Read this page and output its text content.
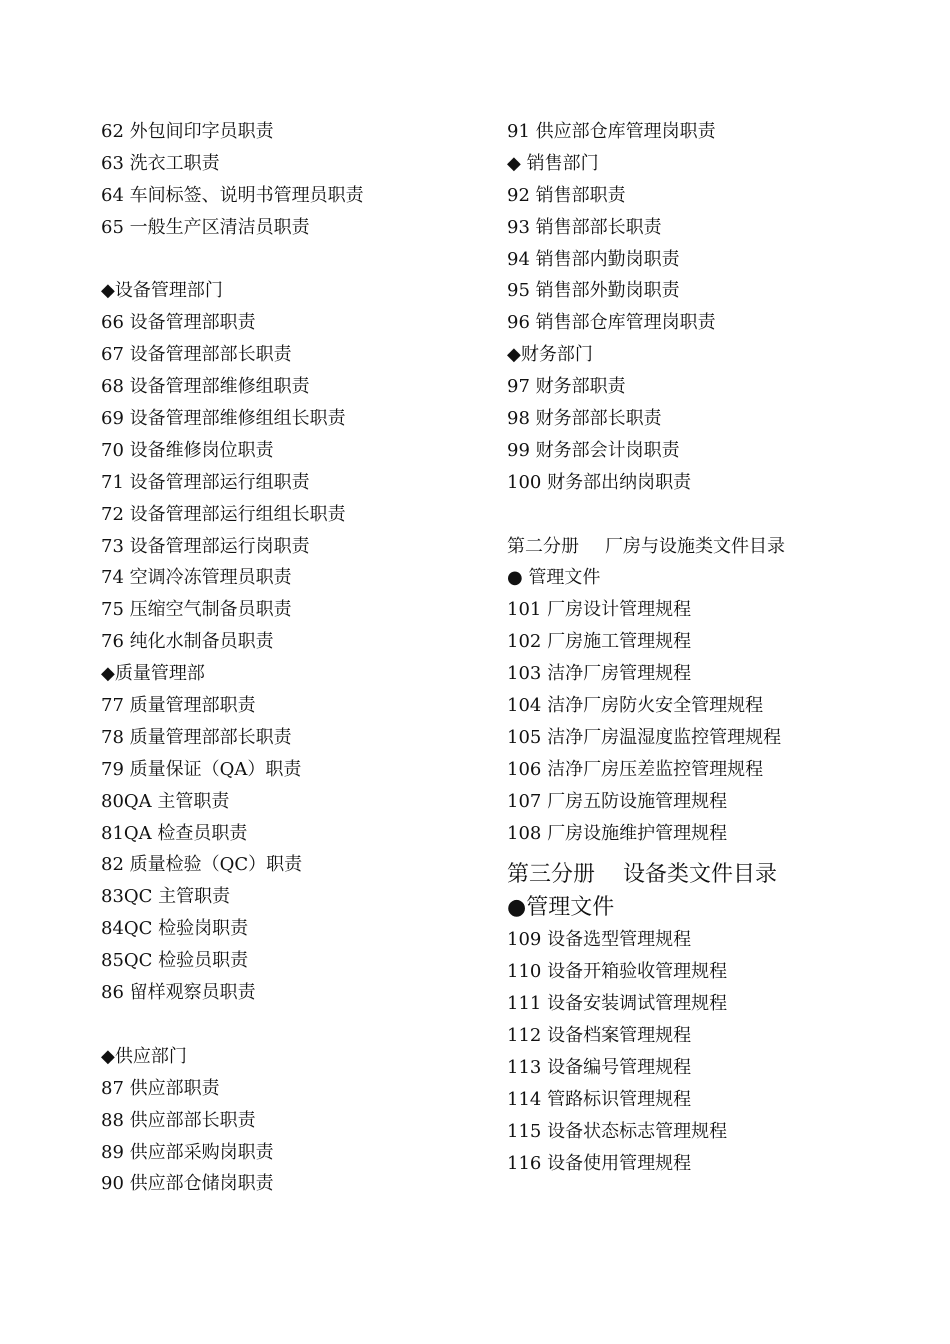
62 外包间印字员职责
63 洗衣工职责
64 车间标签、说明书管理员职责
65 一般生产区清洁员职责
◆设备管理部门
66 设备管理部职责
67 设备管理部部长职责
68 设备管理部维修组职责
69 设备管理部维修组组长职责
70 设备维修岗位职责
71 设备管理部运行组职责
72 设备管理部运行组组长职责
73 设备管理部运行岗职责
74 空调冷冻管理员职责
75 压缩空气制备员职责
76 纯化水制备员职责
◆质量管理部
77 质量管理部职责
78 质量管理部部长职责
79 质量保证（QA）职责
80QA 主管职责
81QA 检查员职责
82 质量检验（QC）职责
83QC 主管职责
84QC 检验岗职责
85QC 检验员职责
86 留样观察员职责
◆供应部门
87 供应部职责
88 供应部部长职责
89 供应部采购岗职责
90 供应部仓储岗职责
91 供应部仓库管理岗职责
◆ 销售部门
92 销售部职责
93 销售部部长职责
94 销售部内勤岗职责
95 销售部外勤岗职责
96 销售部仓库管理岗职责
◆财务部门
97 财务部职责
98 财务部部长职责
99 财务部会计岗职责
100 财务部出纳岗职责
第二分册 厂房与设施类文件目录
● 管理文件
101 厂房设计管理规程
102 厂房施工管理规程
103 洁净厂房管理规程
104 洁净厂房防火安全管理规程
105 洁净厂房温湿度监控管理规程
106 洁净厂房压差监控管理规程
107 厂房五防设施管理规程
108 厂房设施维护管理规程
第三分册    设备类文件目录
●管理文件
109 设备选型管理规程
110 设备开箱验收管理规程
111 设备安装调试管理规程
112 设备档案管理规程
113 设备编号管理规程
114 管路标识管理规程
115 设备状态标志管理规程
116 设备使用管理规程
